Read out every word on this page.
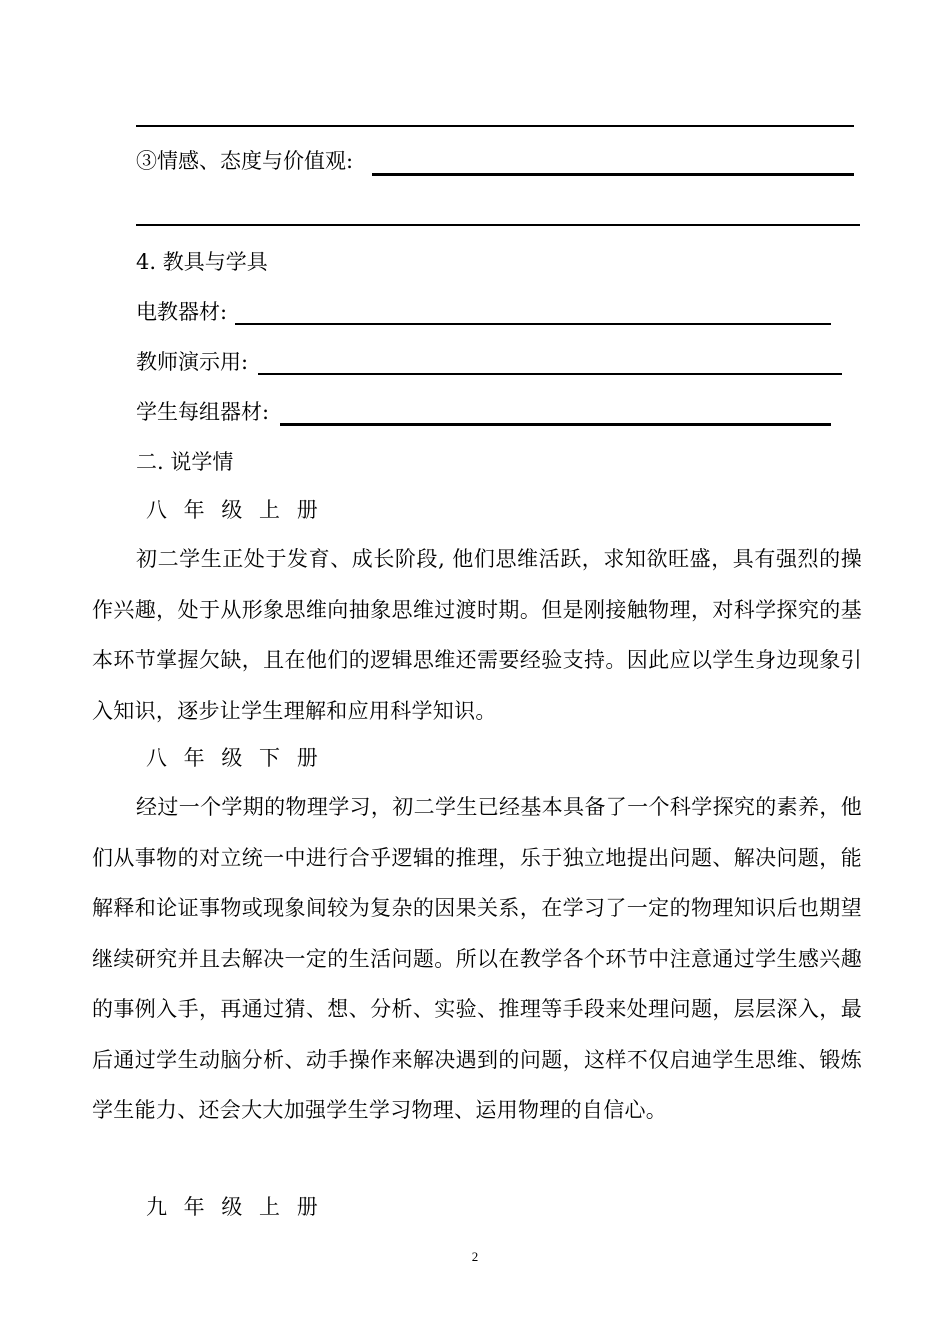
③情感、态度与价值观:
4. 教具与学具
电教器材:
教师演示用:
学生每组器材:
二. 说学情
八 年 级 上 册

初二学生正处于发育、成长阶段, 他们思维活跃，求知欲旺盛，具有强烈的操作兴趣，处于从形象思维向抽象思维过渡时期。但是刚接触物理，对科学探究的基本环节掌握欠缺，且在他们的逻辑思维还需要经验支持。因此应以学生身边现象引入知识，逐步让学生理解和应用科学知识。

八 年 级 下 册

经过一个学期的物理学习，初二学生已经基本具备了一个科学探究的素养，他们从事物的对立统一中进行合乎逻辑的推理，乐于独立地提出问题、解决问题，能解释和论证事物或现象间较为复杂的因果关系，在学习了一定的物理知识后也期望继续研究并且去解决一定的生活问题。所以在教学各个环节中注意通过学生感兴趣的事例入手，再通过猜、想、分析、实验、推理等手段来处理问题，层层深入，最后通过学生动脑分析、动手操作来解决遇到的问题，这样不仅启迪学生思维、锻炼学生能力、还会大大加强学生学习物理、运用物理的自信心。

九 年 级 上 册
2
